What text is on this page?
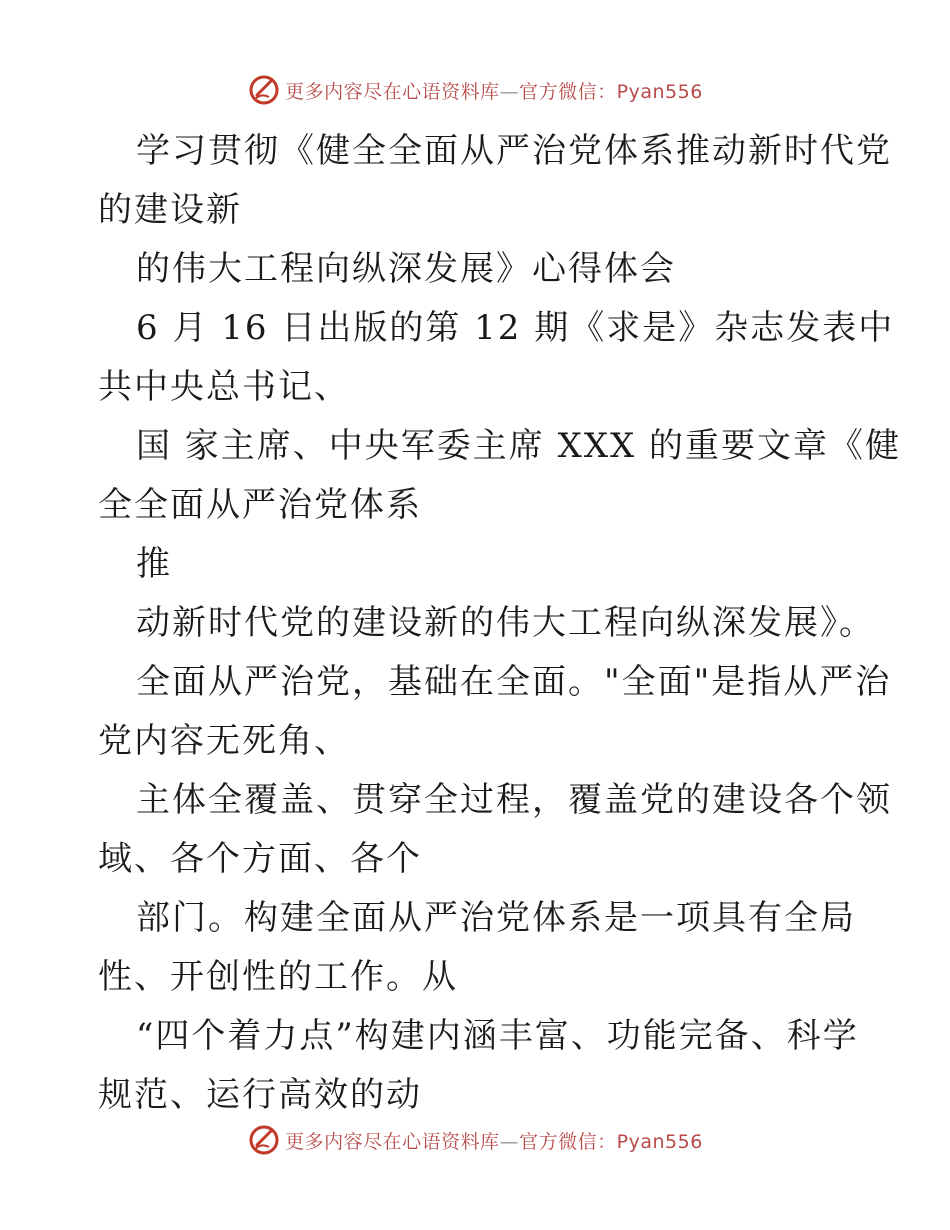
更多内容尽在心语资料库—官方微信：Pyan556
学习贯彻《健全全面从严治党体系推动新时代党
的建设新
的伟大工程向纵深发展》心得体会
6 月 16 日出版的第 12 期《求是》杂志发表中
共中央总书记、
国 家主席、中央军委主席 XXX 的重要文章《健
全全面从严治党体系
推
动新时代党的建设新的伟大工程向纵深发展》。
全面从严治党，基础在全面。"全面"是指从严治
党内容无死角、
主体全覆盖、贯穿全过程，覆盖党的建设各个领
域、各个方面、各个
部门。构建全面从严治党体系是一项具有全局
性、开创性的工作。从
“四个着力点”构建内涵丰富、功能完备、科学
规范、运行高效的动
更多内容尽在心语资料库—官方微信：Pyan556
